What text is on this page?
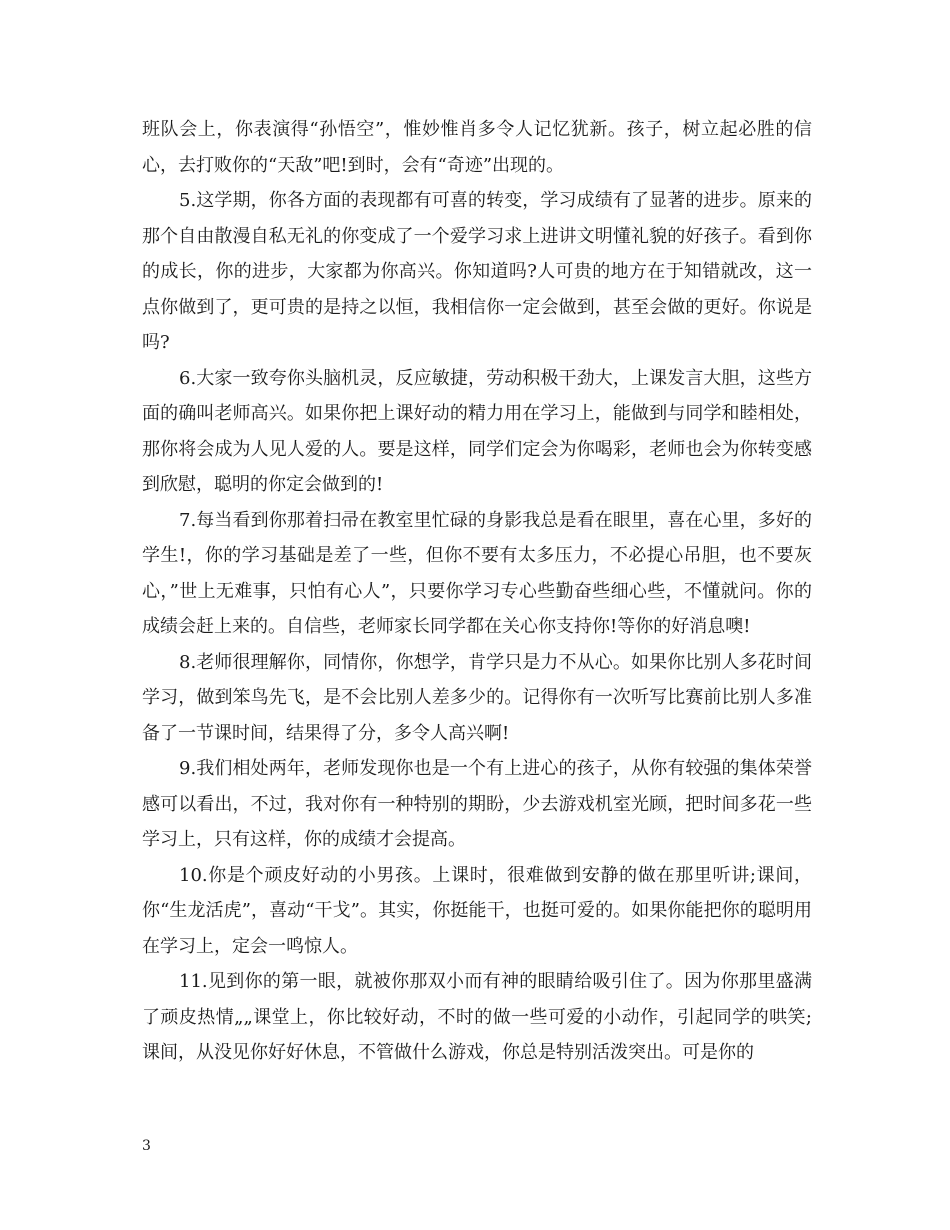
班队会上，你表演得“孙悟空”，惟妙惟肖多令人记忆犹新。孩子，树立起必胜的信心，去打败你的“天敌”吧!到时，会有“奇迹”出现的。

5.这学期，你各方面的表现都有可喜的转变，学习成绩有了显著的进步。原来的那个自由散漫自私无礼的你变成了一个爱学习求上进讲文明懂礼貌的好孩子。看到你的成长，你的进步，大家都为你高兴。你知道吗?人可贵的地方在于知错就改，这一点你做到了，更可贵的是持之以恒，我相信你一定会做到，甚至会做的更好。你说是吗?

6.大家一致夸你头脑机灵，反应敏捷，劳动积极干劲大，上课发言大胆，这些方面的确叫老师高兴。如果你把上课好动的精力用在学习上，能做到与同学和睦相处，那你将会成为人见人爱的人。要是这样，同学们定会为你喝彩，老师也会为你转变感到欣慰，聪明的你定会做到的!

7.每当看到你那着扫帚在教室里忙碌的身影我总是看在眼里，喜在心里，多好的学生!，你的学习基础是差了一些，但你不要有太多压力，不必提心吊胆，也不要灰心，”世上无难事，只怕有心人”，只要你学习专心些勤奋些细心些，不懂就问。你的成绩会赶上来的。自信些，老师家长同学都在关心你支持你!等你的好消息噢!

8.老师很理解你，同情你，你想学，肯学只是力不从心。如果你比别人多花时间学习，做到笨鸟先飞，是不会比别人差多少的。记得你有一次听写比赛前比别人多准备了一节课时间，结果得了分，多令人高兴啊!

9.我们相处两年，老师发现你也是一个有上进心的孩子，从你有较强的集体荣誉感可以看出，不过，我对你有一种特别的期盼，少去游戏机室光顾，把时间多花一些学习上，只有这样，你的成绩才会提高。

10.你是个顽皮好动的小男孩。上课时，很难做到安静的做在那里听讲;课间，你“生龙活虎”，喜动“干戈”。其实，你挺能干，也挺可爱的。如果你能把你的聪明用在学习上，定会一鸣惊人。

11.见到你的第一眼，就被你那双小而有神的眼睛给吸引住了。因为你那里盛满了顽皮热情„„课堂上，你比较好动，不时的做一些可爱的小动作，引起同学的哄笑;课间，从没见你好好休息，不管做什么游戏，你总是特别活泼突出。可是你的

3
